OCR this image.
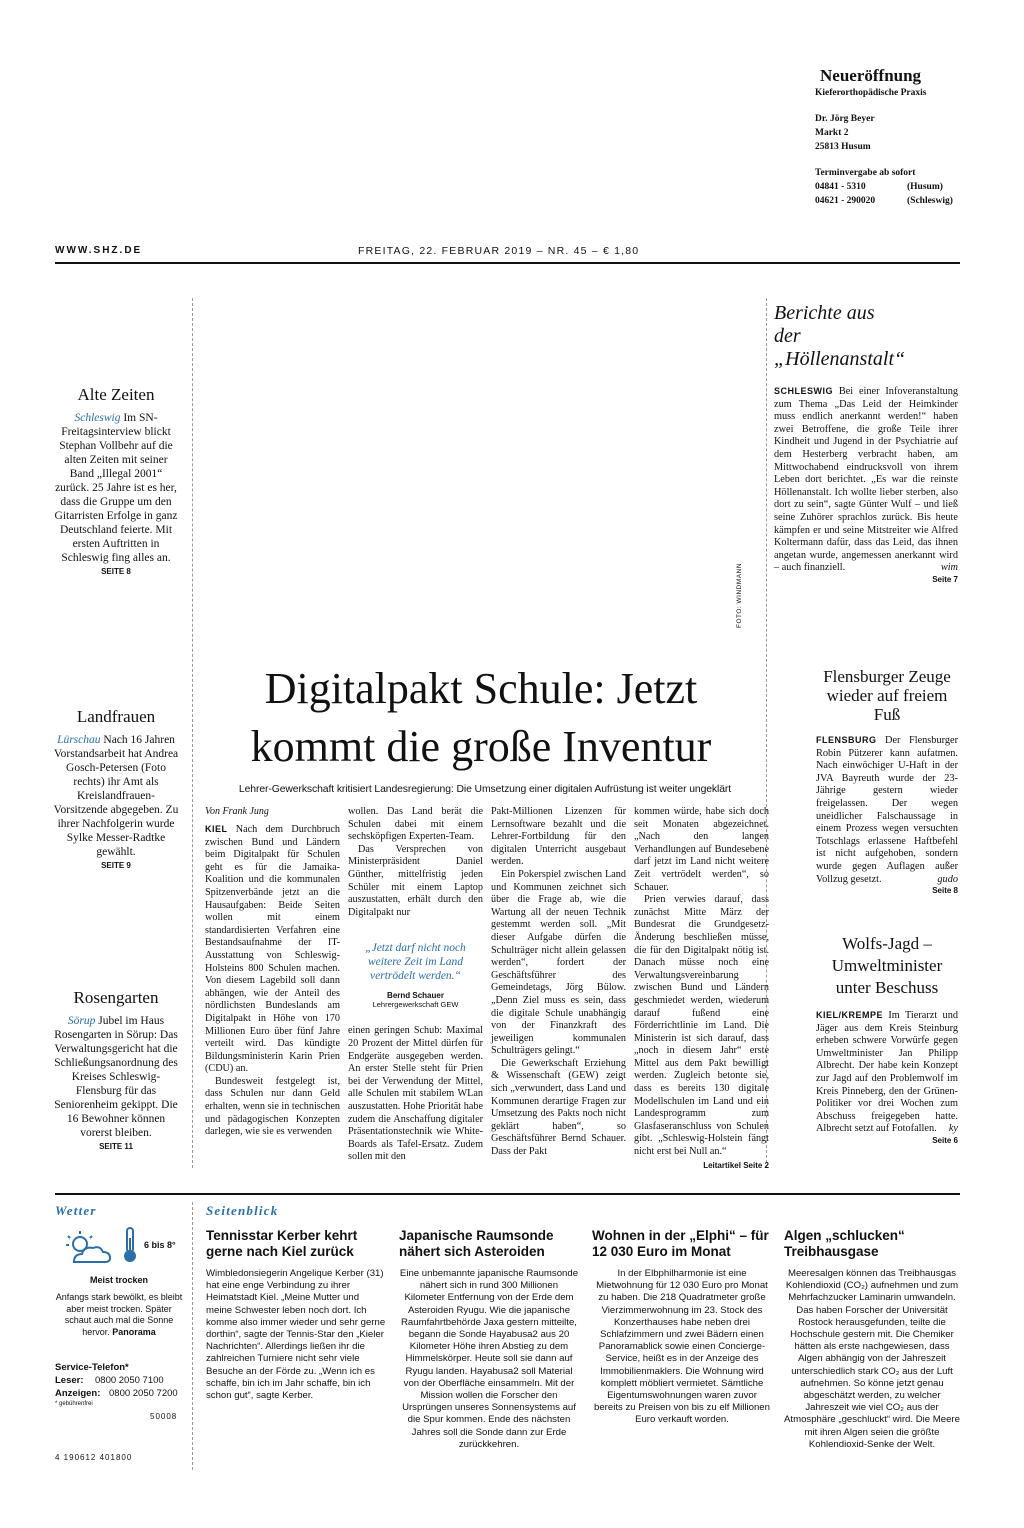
Neueröffnung
Kieferorthopädische Praxis
Dr. Jörg Beyer
Markt 2
25813 Husum
Terminvergabe ab sofort
04841 - 5310	(Husum)
04621 - 290020	(Schleswig)
WWW.SHZ.DE	FREITAG, 22. FEBRUAR 2019 – NR. 45 – € 1,80
Alte Zeiten

Schleswig Im SN-Freitagsinterview blickt Stephan Vollbehr auf die alten Zeiten mit seiner Band „Illegal 2001“ zurück. 25 Jahre ist es her, dass die Gruppe um den Gitarristen Erfolge in ganz Deutschland feierte. Mit ersten Auftritten in Schleswig fing alles an.

SEITE 8
Landfrauen

Lürschau Nach 16 Jahren Vorstandsarbeit hat Andrea Gosch-Petersen (Foto rechts) ihr Amt als Kreislandfrauen-Vorsitzende abgegeben. Zu ihrer Nachfolgerin wurde Sylke Messer-Radtke gewählt.

SEITE 9
Rosengarten

Sörup Jubel im Haus Rosengarten in Sörup: Das Verwaltungsgericht hat die Schließungsanordnung des Kreises Schleswig-Flensburg für das Seniorenheim gekippt. Die 16 Bewohner können vorerst bleiben.

SEITE 11
Berichte aus der „Höllenanstalt“

SCHLESWIG Bei einer Infoveranstaltung zum Thema „Das Leid der Heimkinder muss endlich anerkannt werden!“ haben zwei Betroffene, die große Teile ihrer Kindheit und Jugend in der Psychiatrie auf dem Hesterberg verbracht haben, am Mittwochabend eindrucksvoll von ihrem Leben dort berichtet. „Es war die reinste Höllenanstalt. Ich wollte lieber sterben, also dort zu sein“, sagte Günter Wulf – und ließ seine Zuhörer sprachlos zurück. Bis heute kämpfen er und seine Mitstreiter wie Alfred Koltermann dafür, dass das Leid, das ihnen angetan wurde, angemessen anerkannt wird – auch finanziell.	wim

Seite 7
FOTO: WINDMANN
Flensburger Zeuge wieder auf freiem Fuß

FLENSBURG Der Flensburger Robin Pützerer kann aufatmen. Nach einwöchiger U-Haft in der JVA Bayreuth wurde der 23-Jährige gestern wieder freigelassen. Der wegen uneidlicher Falschaussage in einem Prozess wegen versuchten Totschlags erlassene Haftbefehl ist nicht aufgehoben, sondern wurde gegen Auflagen außer Vollzug gesetzt.	gudo

Seite 8
Wolfs-Jagd – Umweltminister unter Beschuss

KIEL/KREMPE Im Tierarzt und Jäger aus dem Kreis Steinburg erheben schwere Vorwürfe gegen Umweltminister Jan Philipp Albrecht. Der habe kein Konzept zur Jagd auf den Problemwolf im Kreis Pinneberg, den der Grünen-Politiker vor drei Wochen zum Abschuss freigegeben hatte. Albrecht setzt auf Fotofallen. ky

Seite 6
Digitalpakt Schule: Jetzt
kommt die große Inventur
Lehrer-Gewerkschaft kritisiert Landesregierung: Die Umsetzung einer digitalen Aufrüstung ist weiter ungeklärt
Von Frank Jung

KIEL Nach dem Durchbruch zwischen Bund und Ländern beim Digitalpakt für Schulen geht es für die Jamaika-Koalition und die kommunalen Spitzenverbände jetzt an die Hausaufgaben: Beide Seiten wollen mit einem standardisierten Verfahren eine Bestandsaufnahme der IT-Ausstattung von Schleswig-Holsteins 800 Schulen machen. Von diesem Lagebild soll dann abhängen, wie der Anteil des nördlichsten Bundeslands am Digitalpakt in Höhe von 170 Millionen Euro über fünf Jahre verteilt wird. Das kündigte Bildungsministerin Karin Prien (CDU) an.

Bundesweit festgelegt ist, dass Schulen nur dann Geld erhalten, wenn sie in technischen und pädagogischen Konzepten darlegen, wie sie es verwenden

wollen. Das Land berät die Schulen dabei mit einem sechsköpfigen Experten-Team.

Das Versprechen von Ministerpräsident Daniel Günther, mittelfristig jeden Schüler mit einem Laptop auszustatten, erhält durch den Digitalpakt nur

„Jetzt darf nicht noch weitere Zeit im Land vertrödelt werden.“
Bernd Schauer
Lehrergewerkschaft GEW

einen geringen Schub: Maximal 20 Prozent der Mittel dürfen für Endgeräte ausgegeben werden. An erster Stelle steht für Prien bei der Verwendung der Mittel, alle Schulen mit stabilem WLan auszustatten. Hohe Priorität habe zudem die Anschaffung digitaler Präsentationstechnik wie White-Boards als Tafel-Ersatz. Zudem sollen mit den

Pakt-Millionen Lizenzen für Lernsoftware bezahlt und die Lehrer-Fortbildung für den digitalen Unterricht ausgebaut werden.

Ein Pokerspiel zwischen Land und Kommunen zeichnet sich über die Frage ab, wie die Wartung all der neuen Technik gestemmt werden soll. „Mit dieser Aufgabe dürfen die Schulträger nicht allein gelassen werden“, fordert der Geschäftsführer des Gemeindetags, Jörg Bülow. „Denn Ziel muss es sein, dass die digitale Schule unabhängig von der Finanzkraft des jeweiligen kommunalen Schulträgers gelingt.“

Die Gewerkschaft Erziehung & Wissenschaft (GEW) zeigt sich „verwundert, dass Land und Kommunen derartige Fragen zur Umsetzung des Pakts noch nicht geklärt haben“, so Geschäftsführer Bernd Schauer. Dass der Pakt

kommen würde, habe sich doch seit Monaten abgezeichnet. „Nach den langen Verhandlungen auf Bundesebene darf jetzt im Land nicht weitere Zeit vertrödelt werden“, so Schauer.

Prien verwies darauf, dass zunächst Mitte März der Bundesrat die Grundgesetz-Änderung beschließen müsse, die für den Digitalpakt nötig ist. Danach müsse noch eine Verwaltungsvereinbarung zwischen Bund und Ländern geschmiedet werden, wiederum darauf fußend eine Förderrichtlinie im Land. Die Ministerin ist sich darauf, dass „noch in diesem Jahr“ erste Mittel aus dem Pakt bewilligt werden. Zugleich betonte sie, dass es bereits 130 digitale Modellschulen im Land und ein Landesprogramm zum Glasfaseranschluss von Schulen gibt. „Schleswig-Holstein fängt nicht erst bei Null an.“

Leitartikel Seite 2
Wetter
6 bis 8°
Meist trocken
Anfangs stark bewölkt, es bleibt aber meist trocken. Später schaut auch mal die Sonne hervor. Panorama
Service-Telefon*
Leser: 0800 2050 7100
Anzeigen: 0800 2050 7200
* gebührenfrei
50008
4 190612 401800
Seitenblick
Tennisstar Kerber kehrt gerne nach Kiel zurück

Wimbledonsiegerin Angelique Kerber (31) hat eine enge Verbindung zu ihrer Heimatstadt Kiel. „Meine Mutter und meine Schwester leben noch dort. Ich komme also immer wieder und sehr gerne dorthin“, sagte der Tennis-Star den „Kieler Nachrichten“. Allerdings ließen ihr die zahlreichen Turniere nicht sehr viele Besuche an der Förde zu. „Wenn ich es schaffe, bin ich im Jahr schaffe, bin ich schon gut“, sagte Kerber.

Japanische Raumsonde nähert sich Asteroiden

Eine unbemannte japanische Raumsonde nähert sich in rund 300 Millionen Kilometer Entfernung von der Erde dem Asteroiden Ryugu. Wie die japanische Raumfahrtbehörde Jaxa gestern mitteilte, begann die Sonde Hayabusa2 aus 20 Kilometer Höhe ihren Abstieg zu dem Himmelskörper. Heute soll sie dann auf Ryugu landen. Hayabusa2 soll Material von der Oberfläche einsammeln. Mit der Mission wollen die Forscher den Ursprüngen unseres Sonnensystems auf die Spur kommen. Ende des nächsten Jahres soll die Sonde dann zur Erde zurückkehren.

Wohnen in der „Elphi“ – für 12 030 Euro im Monat

In der Elbphilharmonie ist eine Mietwohnung für 12 030 Euro pro Monat zu haben. Die 218 Quadratmeter große Vierzimmerwohnung im 23. Stock des Konzerthauses habe neben drei Schlafzimmern und zwei Bädern einen Panoramablick sowie einen Concierge-Service, heißt es in der Anzeige des Immobilienmaklers. Die Wohnung wird komplett möbliert vermietet. Sämtliche Eigentumswohnungen waren zuvor bereits zu Preisen von bis zu elf Millionen Euro verkauft worden.

Algen „schlucken“ Treibhausgase

Meeresalgen können das Treibhausgas Kohlendioxid (CO₂) aufnehmen und zum Mehrfachzucker Laminarin umwandeln. Das haben Forscher der Universität Rostock herausgefunden, teilte die Hochschule gestern mit. Die Chemiker hätten als erste nachgewiesen, dass Algen abhängig von der Jahreszeit unterschiedlich stark CO₂ aus der Luft aufnehmen. So könne jetzt genau abgeschätzt werden, zu welcher Jahreszeit wie viel CO₂ aus der Atmosphäre „geschluckt“ wird. Die Meere mit ihren Algen seien die größte Kohlendioxid-Senke der Welt.
